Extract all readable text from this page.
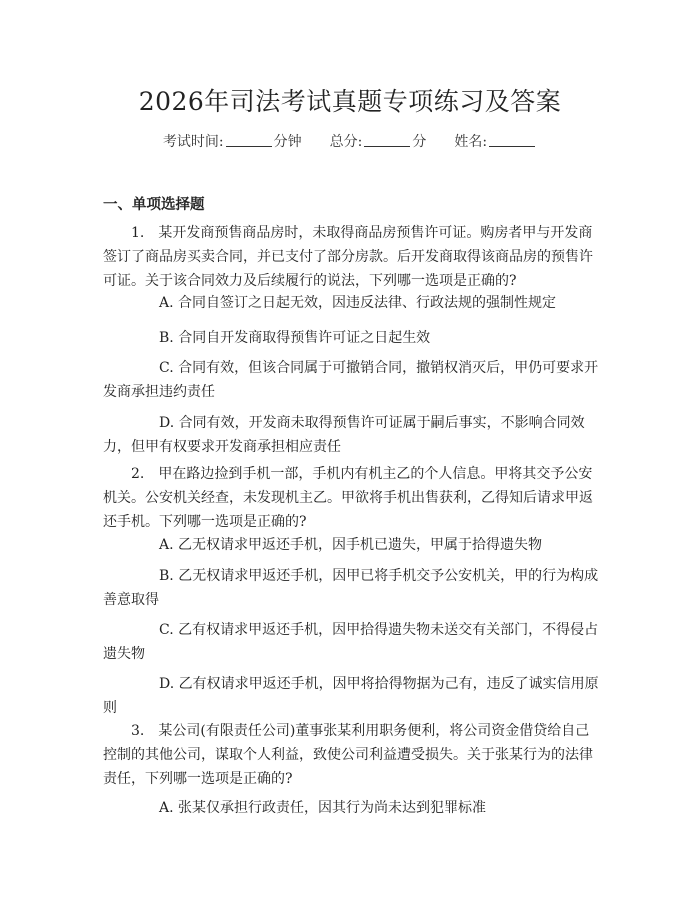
2026年司法考试真题专项练习及答案
考试时间:	分钟 总分:	分 姓名:
一、单项选择题
1.　某开发商预售商品房时，未取得商品房预售许可证。购房者甲与开发商签订了商品房买卖合同，并已支付了部分房款。后开发商取得该商品房的预售许可证。关于该合同效力及后续履行的说法，下列哪一选项是正确的?
A. 合同自签订之日起无效，因违反法律、行政法规的强制性规定
B. 合同自开发商取得预售许可证之日起生效
C. 合同有效，但该合同属于可撤销合同，撤销权消灭后，甲仍可要求开发商承担违约责任
D. 合同有效，开发商未取得预售许可证属于嗣后事实，不影响合同效力，但甲有权要求开发商承担相应责任
2.　甲在路边捡到手机一部，手机内有机主乙的个人信息。甲将其交予公安机关。公安机关经查，未发现机主乙。甲欲将手机出售获利，乙得知后请求甲返还手机。下列哪一选项是正确的?
A. 乙无权请求甲返还手机，因手机已遗失，甲属于拾得遗失物
B. 乙无权请求甲返还手机，因甲已将手机交予公安机关，甲的行为构成善意取得
C. 乙有权请求甲返还手机，因甲拾得遗失物未送交有关部门，不得侵占遗失物
D. 乙有权请求甲返还手机，因甲将拾得物据为己有，违反了诚实信用原则
3.　某公司(有限责任公司)董事张某利用职务便利，将公司资金借贷给自己控制的其他公司，谋取个人利益，致使公司利益遭受损失。关于张某行为的法律责任，下列哪一选项是正确的?
A. 张某仅承担行政责任，因其行为尚未达到犯罪标准
